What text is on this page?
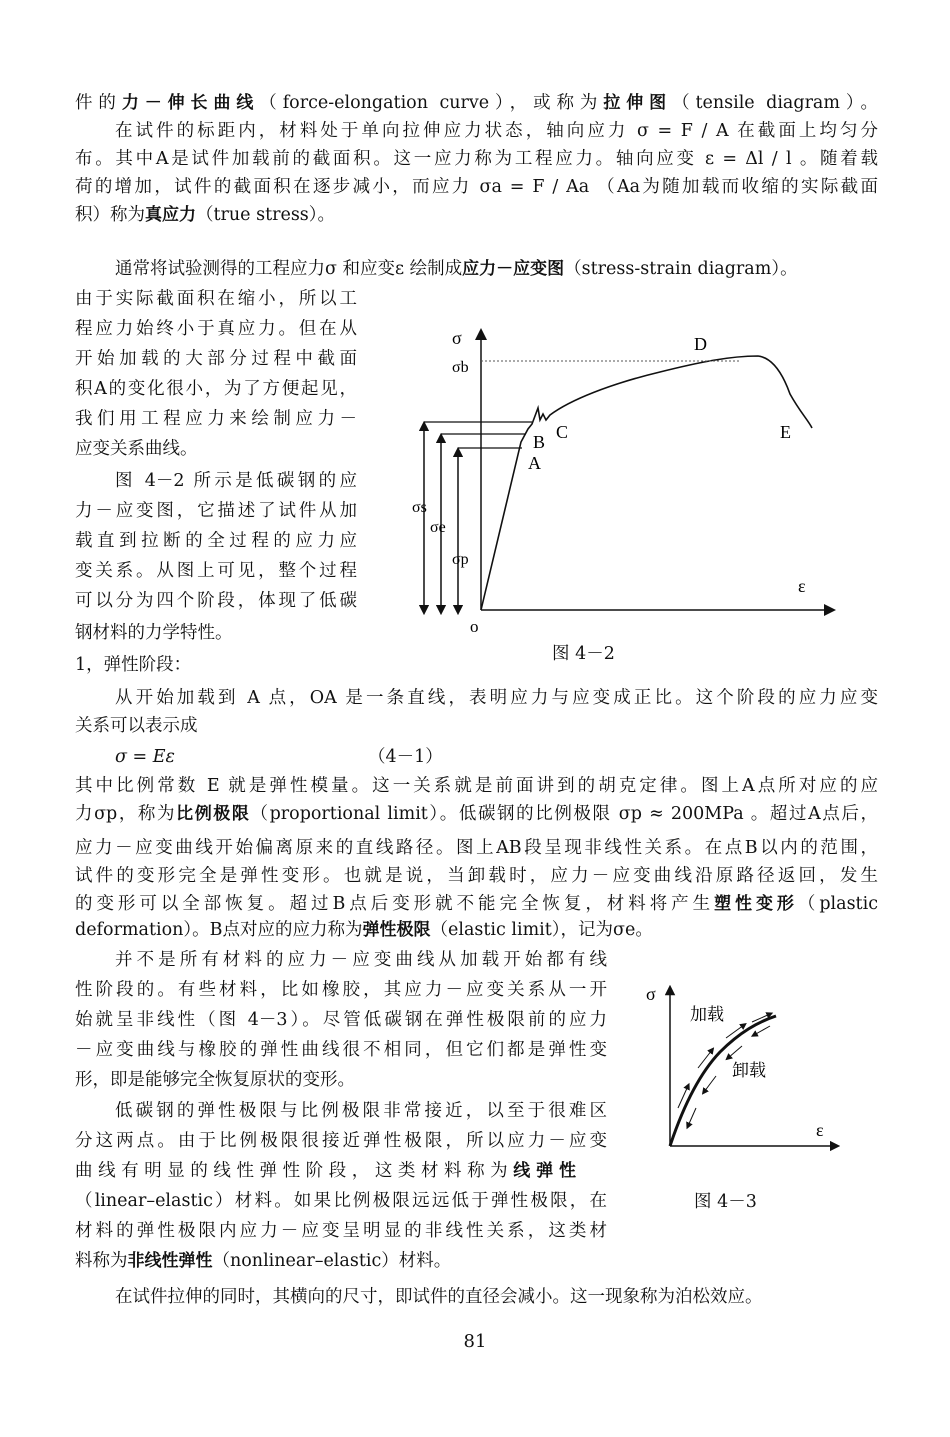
件的力－伸长曲线（force-elongation curve），或称为拉伸图（tensile diagram）。
在试件的标距内，材料处于单向拉伸应力状态，轴向应力 σ = F / A 在截面上均匀分
布。其中A是试件加载前的截面积。这一应力称为工程应力。轴向应变 ε = Δl / l 。随着载
荷的增加，试件的截面积在逐步减小，而应力 σa = F / Aa （Aa为随加载而收缩的实际截面
积）称为真应力（true stress）。
通常将试验测得的工程应力σ 和应变ε 绘制成应力－应变图（stress-strain diagram）。
由于实际截面积在缩小，所以工
程应力始终小于真应力。但在从
开始加载的大部分过程中截面
积A的变化很小，为了方便起见，
我们用工程应力来绘制应力－
应变关系曲线。
图 4－2 所示是低碳钢的应
力－应变图，它描述了试件从加
载直到拉断的全过程的应力应
变关系。从图上可见，整个过程
可以分为四个阶段，体现了低碳
钢材料的力学特性。
1，弹性阶段：
σ
σb
σs
σe
σp
D
C
B
A
E
ε
o
图 4－2
从开始加载到 A 点，OA 是一条直线，表明应力与应变成正比。这个阶段的应力应变
关系可以表示成
σ = Eε	（4－1）
其中比例常数 E 就是弹性模量。这一关系就是前面讲到的胡克定律。图上A点所对应的应
力σp，称为比例极限（proportional limit）。低碳钢的比例极限 σp ≈ 200MPa 。超过A点后，
应力－应变曲线开始偏离原来的直线路径。图上AB段呈现非线性关系。在点B以内的范围，
试件的变形完全是弹性变形。也就是说，当卸载时，应力－应变曲线沿原路径返回，发生
的变形可以全部恢复。超过B点后变形就不能完全恢复，材料将产生塑性变形（plastic
deformation）。B点对应的应力称为弹性极限（elastic limit），记为σe。
并不是所有材料的应力－应变曲线从加载开始都有线
性阶段的。有些材料，比如橡胶，其应力－应变关系从一开
始就呈非线性（图 4－3）。尽管低碳钢在弹性极限前的应力
－应变曲线与橡胶的弹性曲线很不相同，但它们都是弹性变
形，即是能够完全恢复原状的变形。
低碳钢的弹性极限与比例极限非常接近，以至于很难区
分这两点。由于比例极限很接近弹性极限，所以应力－应变
曲 线 有 明 显 的 线 性 弹 性 阶 段 ， 这 类 材 料 称 为 线 弹 性
（linear–elastic）材料。如果比例极限远远低于弹性极限，在
材料的弹性极限内应力－应变呈明显的非线性关系，这类材
料称为非线性弹性（nonlinear–elastic）材料。
σ
ε
加载
卸载
图 4－3
在试件拉伸的同时，其横向的尺寸，即试件的直径会减小。这一现象称为泊松效应。
81
